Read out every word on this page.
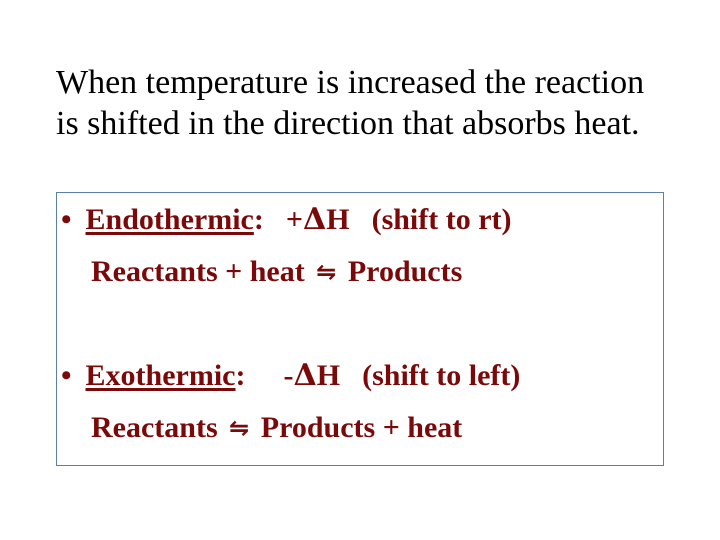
When temperature is increased the reaction
is shifted in the direction that absorbs heat.

• Endothermic: +ΔH (shift to rt)
Reactants + heat ⇋ Products
• Exothermic: -ΔH (shift to left)
Reactants ⇋ Products + heat
